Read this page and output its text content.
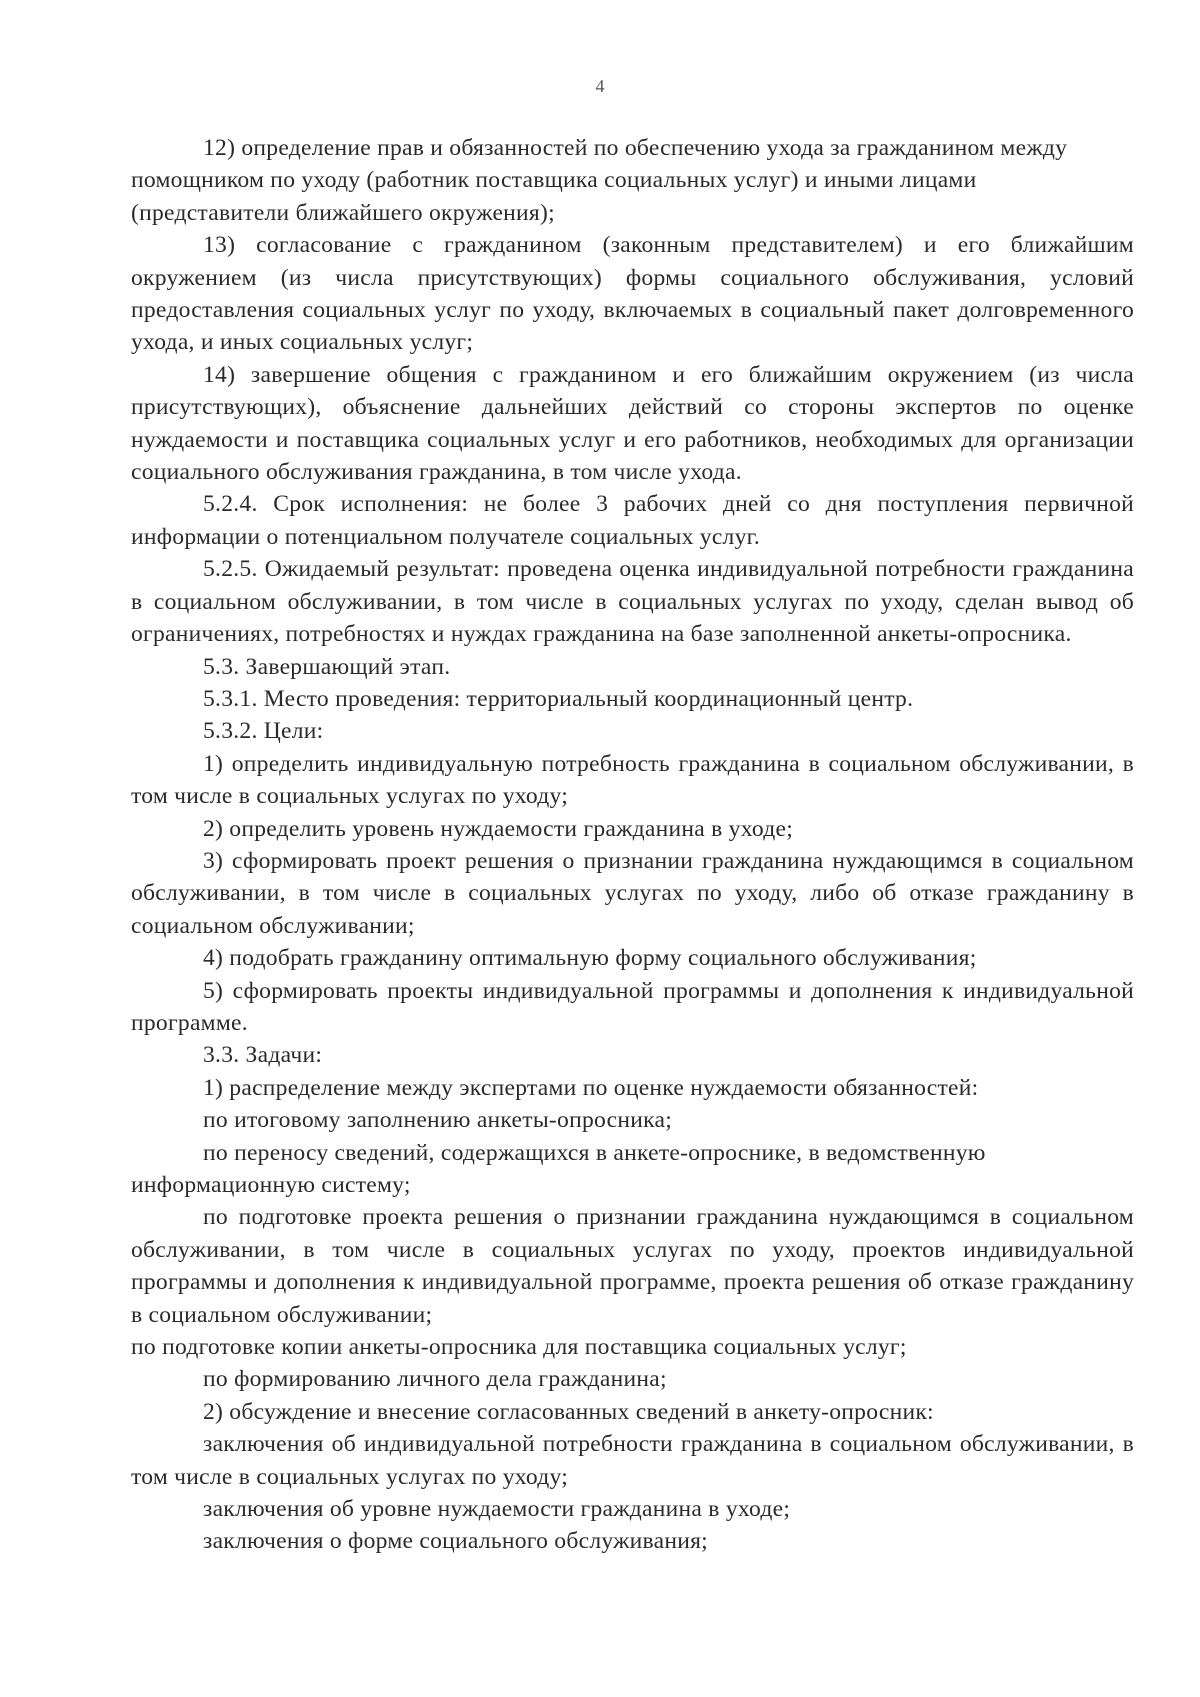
4

12) определение прав и обязанностей по обеспечению ухода за гражданином между помощником по уходу (работник поставщика социальных услуг) и иными лицами (представители ближайшего окружения);

13) согласование с гражданином (законным представителем) и его ближайшим окружением (из числа присутствующих) формы социального обслуживания, условий предоставления социальных услуг по уходу, включаемых в социальный пакет долговременного ухода, и иных социальных услуг;

14) завершение общения с гражданином и его ближайшим окружением (из числа присутствующих), объяснение дальнейших действий со стороны экспертов по оценке нуждаемости и поставщика социальных услуг и его работников, необходимых для организации социального обслуживания гражданина, в том числе ухода.

5.2.4. Срок исполнения: не более 3 рабочих дней со дня поступления первичной информации о потенциальном получателе социальных услуг.

5.2.5. Ожидаемый результат: проведена оценка индивидуальной потребности гражданина в социальном обслуживании, в том числе в социальных услугах по уходу, сделан вывод об ограничениях, потребностях и нуждах гражданина на базе заполненной анкеты-опросника.

5.3. Завершающий этап.

5.3.1. Место проведения: территориальный координационный центр.

5.3.2. Цели:

1) определить индивидуальную потребность гражданина в социальном обслуживании, в том числе в социальных услугах по уходу;

2) определить уровень нуждаемости гражданина в уходе;

3) сформировать проект решения о признании гражданина нуждающимся в социальном обслуживании, в том числе в социальных услугах по уходу, либо об отказе гражданину в социальном обслуживании;

4) подобрать гражданину оптимальную форму социального обслуживания;

5) сформировать проекты индивидуальной программы и дополнения к индивидуальной программе.

3.3. Задачи:

1) распределение между экспертами по оценке нуждаемости обязанностей:

по итоговому заполнению анкеты-опросника;

по переносу сведений, содержащихся в анкете-опроснике, в ведомственную информационную систему;

по подготовке проекта решения о признании гражданина нуждающимся в социальном обслуживании, в том числе в социальных услугах по уходу, проектов индивидуальной программы и дополнения к индивидуальной программе, проекта решения об отказе гражданину в социальном обслуживании;

по подготовке копии анкеты-опросника для поставщика социальных услуг;

по формированию личного дела гражданина;

2) обсуждение и внесение согласованных сведений в анкету-опросник:

заключения об индивидуальной потребности гражданина в социальном обслуживании, в том числе в социальных услугах по уходу;

заключения об уровне нуждаемости гражданина в уходе;

заключения о форме социального обслуживания;
